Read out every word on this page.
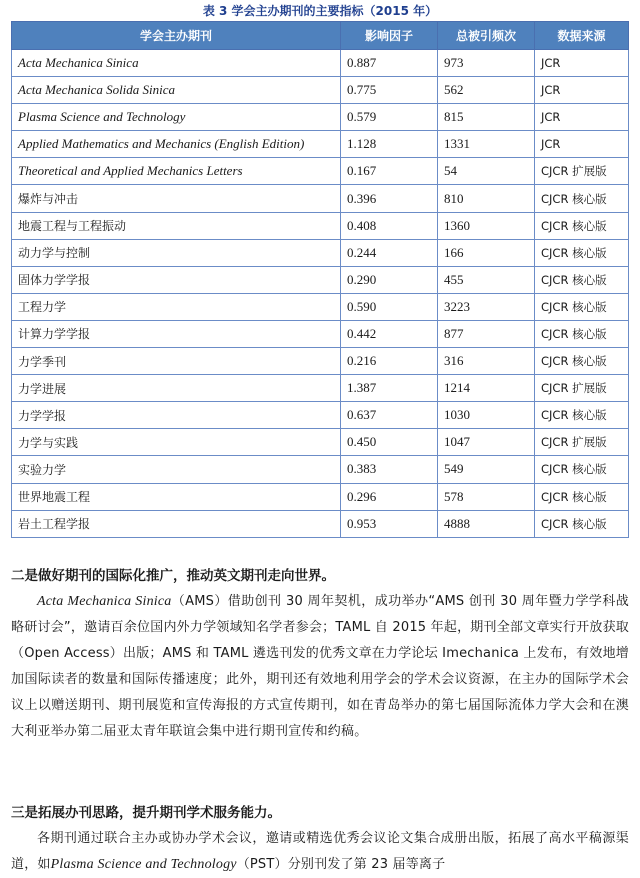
表 3 学会主办期刊的主要指标（2015 年）
学会主办期刊	影响因子	总被引频次	数据来源
Acta Mechanica Sinica	0.887	973	JCR
Acta Mechanica Solida Sinica	0.775	562	JCR
Plasma Science and Technology	0.579	815	JCR
Applied Mathematics and Mechanics (English Edition)	1.128	1331	JCR
Theoretical and Applied Mechanics Letters	0.167	54	CJCR 扩展版
爆炸与冲击	0.396	810	CJCR 核心版
地震工程与工程振动	0.408	1360	CJCR 核心版
动力学与控制	0.244	166	CJCR 核心版
固体力学学报	0.290	455	CJCR 核心版
工程力学	0.590	3223	CJCR 核心版
计算力学学报	0.442	877	CJCR 核心版
力学季刊	0.216	316	CJCR 核心版
力学进展	1.387	1214	CJCR 扩展版
力学学报	0.637	1030	CJCR 核心版
力学与实践	0.450	1047	CJCR 扩展版
实验力学	0.383	549	CJCR 核心版
世界地震工程	0.296	578	CJCR 核心版
岩土工程学报	0.953	4888	CJCR 核心版
二是做好期刊的国际化推广，推动英文期刊走向世界。
Acta Mechanica Sinica（AMS）借助创刊 30 周年契机，成功举办“AMS 创刊 30 周年暨力学学科战略研讨会”，邀请百余位国内外力学领域知名学者参会；TAML 自 2015 年起，期刊全部文章实行开放获取（Open Access）出版；AMS 和 TAML 遴选刊发的优秀文章在力学论坛 Imechanica 上发布，有效地增加国际读者的数量和国际传播速度；此外，期刊还有效地利用学会的学术会议资源，在主办的国际学术会议上以赠送期刊、期刊展览和宣传海报的方式宣传期刊，如在青岛举办的第七届国际流体力学大会和在澳大利亚举办第二届亚太青年联谊会集中进行期刊宣传和约稿。
三是拓展办刊思路，提升期刊学术服务能力。
各期刊通过联合主办或协办学术会议，邀请或精选优秀会议论文集合成册出版，拓展了高水平稿源渠道，如Plasma Science and Technology（PST）分别刊发了第 23 届等离子
